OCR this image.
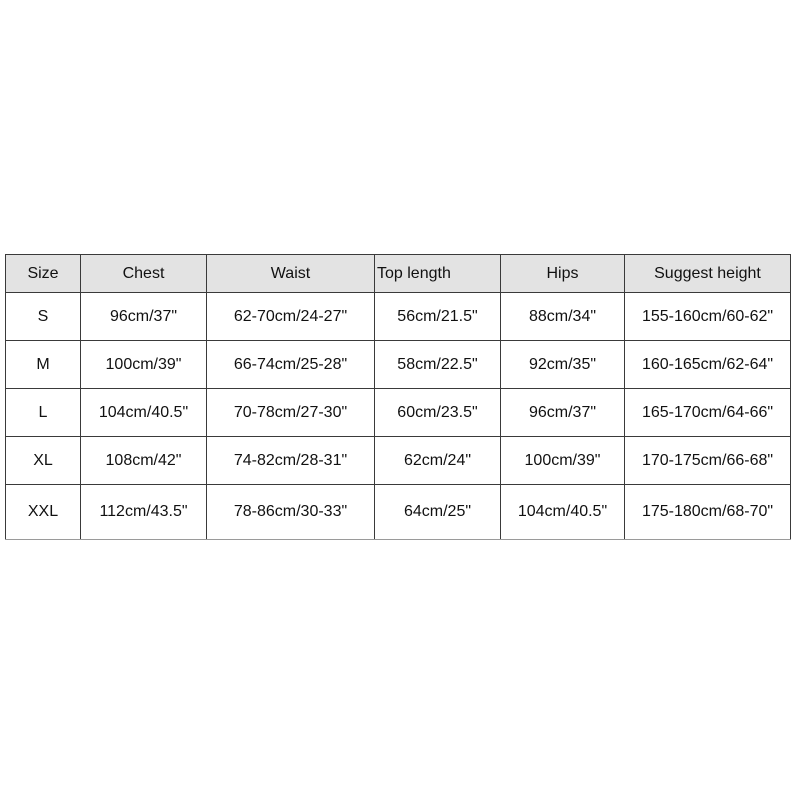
Size	Chest	Waist	Top length	Hips	Suggest height
S	96cm/37"	62-70cm/24-27"	56cm/21.5"	88cm/34"	155-160cm/60-62"
M	100cm/39"	66-74cm/25-28"	58cm/22.5"	92cm/35"	160-165cm/62-64"
L	104cm/40.5"	70-78cm/27-30"	60cm/23.5"	96cm/37"	165-170cm/64-66"
XL	108cm/42"	74-82cm/28-31"	62cm/24"	100cm/39"	170-175cm/66-68"
XXL	112cm/43.5"	78-86cm/30-33"	64cm/25"	104cm/40.5"	175-180cm/68-70"
